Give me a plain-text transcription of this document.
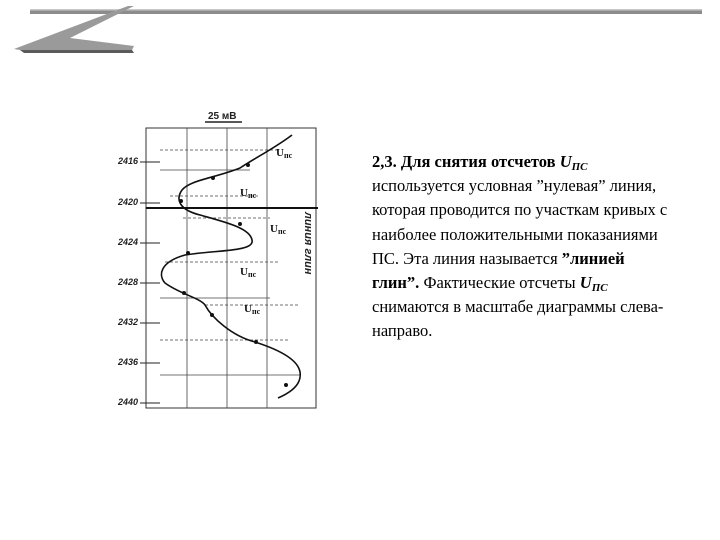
25 мВ
2416
2420
2424
2428
2432
2436
2440
Uпс
Uпс
Uпс
Uпс
Uпс
линия глин

2,3. Для снятия отсчетов $U_{ПС}$ используется условная ”нулевая” линия, которая проводится по участкам кривых с наиболее положительными показаниями ПС. Эта линия называется ”линией глин”. Фактические отсчеты $U_{ПС}$ снимаются в масштабе диаграммы слева-направо.
